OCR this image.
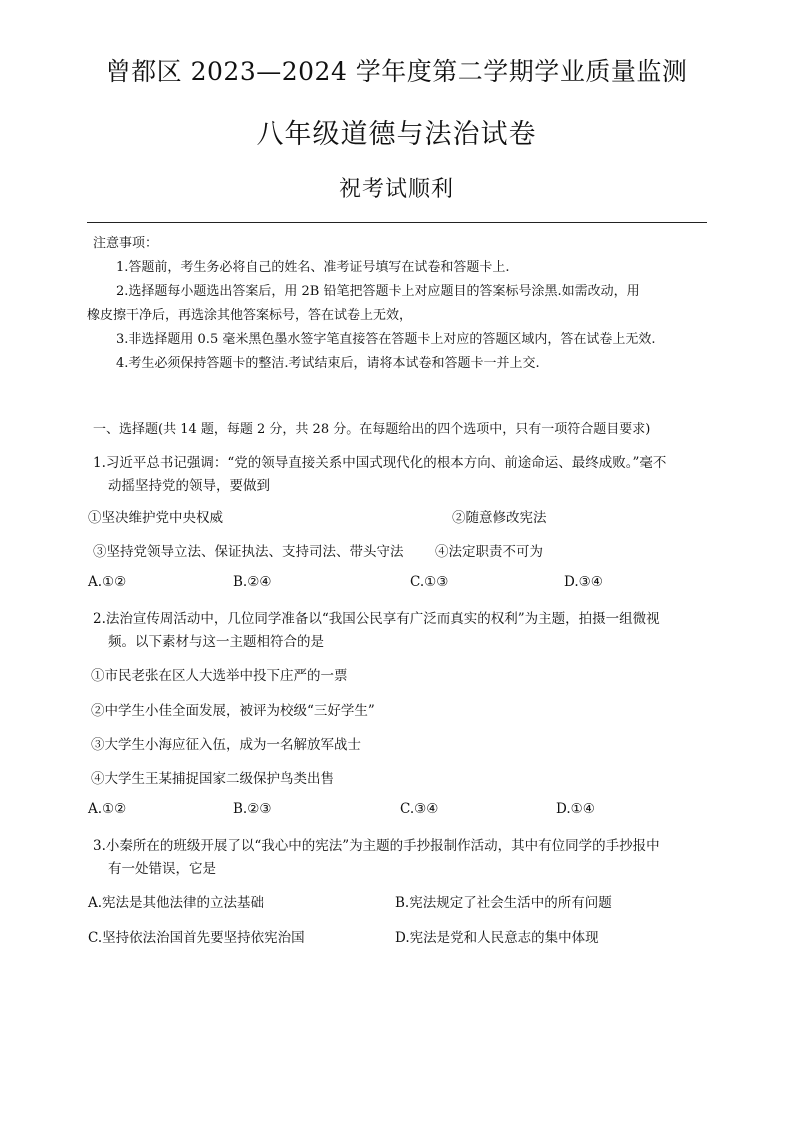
曾都区 2023—2024 学年度第二学期学业质量监测
八年级道德与法治试卷
祝考试顺利
注意事项：
1.答题前，考生务必将自己的姓名、准考证号填写在试卷和答题卡上.
2.选择题每小题选出答案后，用 2B 铅笔把答题卡上对应题目的答案标号涂黑.如需改动，用
橡皮擦干净后，再选涂其他答案标号，答在试卷上无效，
3.非选择题用 0.5 毫米黑色墨水签字笔直接答在答题卡上对应的答题区域内，答在试卷上无效.
4.考生必须保持答题卡的整洁.考试结束后，请将本试卷和答题卡一并上交.
一、选择题(共 14 题，每题 2 分，共 28 分。在每题给出的四个选项中，只有一项符合题目要求)
1.习近平总书记强调：“党的领导直接关系中国式现代化的根本方向、前途命运、最终成败。”毫不
动摇坚持党的领导，要做到
①坚决维护党中央权威	②随意修改宪法
③坚持党领导立法、保证执法、支持司法、带头守法 ④法定职责不可为
A.①②	B.②④	C.①③	D.③④
2.法治宣传周活动中，几位同学准备以“我国公民享有广泛而真实的权利”为主题，拍摄一组微视
频。以下素材与这一主题相符合的是
①市民老张在区人大选举中投下庄严的一票
②中学生小佳全面发展，被评为校级“三好学生”
③大学生小海应征入伍，成为一名解放军战士
④大学生王某捕捉国家二级保护鸟类出售
A.①②	B.②③	C.③④	D.①④
3.小秦所在的班级开展了以“我心中的宪法”为主题的手抄报制作活动，其中有位同学的手抄报中
有一处错误，它是
A.宪法是其他法律的立法基础	B.宪法规定了社会生活中的所有问题
C.坚持依法治国首先要坚持依宪治国	D.宪法是党和人民意志的集中体现
